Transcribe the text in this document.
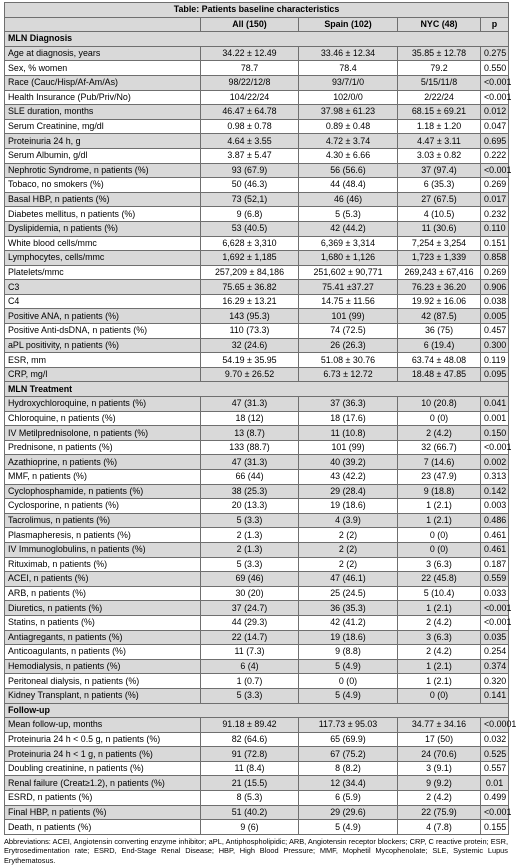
Table: Patients baseline characteristics				
	All (150)	Spain (102)	NYC (48)	p
MLN Diagnosis				
Age at diagnosis, years	34.22 ± 12.49	33.46 ± 12.34	35.85 ± 12.78	0.275
Sex, % women	78.7	78.4	79.2	0.550
Race (Cauc/Hisp/Af-Am/As)	98/22/12/8	93/7/1/0	5/15/11/8	<0.001
Health Insurance (Pub/Priv/No)	104/22/24	102/0/0	2/22/24	<0.001
SLE duration, months	46.47 ± 64.78	37.98 ± 61.23	68.15 ± 69.21	0.012
Serum Creatinine, mg/dl	0.98 ± 0.78	0.89 ± 0.48	1.18 ± 1.20	0.047
Proteinuria 24 h, g	4.64 ± 3.55	4.72 ± 3.74	4.47 ± 3.11	0.695
Serum Albumin, g/dl	3.87 ± 5.47	4.30 ± 6.66	3.03 ± 0.82	0.222
Nephrotic Syndrome, n patients (%)	93 (67.9)	56 (56.6)	37 (97.4)	<0.001
Tobaco, no smokers (%)	50 (46.3)	44 (48.4)	6 (35.3)	0.269
Basal HBP, n patients (%)	73 (52,1)	46 (46)	27 (67.5)	0.017
Diabetes mellitus, n patients (%)	9 (6.8)	5 (5.3)	4 (10.5)	0.232
Dyslipidemia, n patients (%)	53 (40.5)	42 (44.2)	11 (30.6)	0.110
White blood cells/mmc	6,628 ± 3,310	6,369 ± 3,314	7,254 ± 3,254	0.151
Lymphocytes, cells/mmc	1,692 ± 1,185	1,680 ± 1,126	1,723 ± 1,339	0.858
Platelets/mmc	257,209 ± 84,186	251,602 ± 90,771	269,243 ± 67,416	0.269
C3	75.65 ± 36.82	75.41 ±37.27	76.23 ± 36.20	0.906
C4	16.29 ± 13.21	14.75 ± 11.56	19.92 ± 16.06	0.038
Positive ANA, n patients (%)	143 (95.3)	101 (99)	42 (87.5)	0.005
Positive Anti-dsDNA, n patients (%)	110 (73.3)	74 (72.5)	36 (75)	0.457
aPL positivity, n patients (%)	32 (24.6)	26 (26.3)	6 (19.4)	0.300
ESR, mm	54.19 ± 35.95	51.08 ± 30.76	63.74 ± 48.08	0.119
CRP, mg/l	9.70 ± 26.52	6.73 ± 12.72	18.48 ± 47.85	0.095
MLN Treatment				
Hydroxychloroquine, n patients (%)	47 (31.3)	37 (36.3)	10 (20.8)	0.041
Chloroquine, n patients (%)	18 (12)	18 (17.6)	0 (0)	0.001
IV Metilprednisolone, n patients (%)	13 (8.7)	11 (10.8)	2 (4.2)	0.150
Prednisone, n patients (%)	133 (88.7)	101 (99)	32 (66.7)	<0.001
Azathioprine, n patients (%)	47 (31.3)	40 (39.2)	7 (14.6)	0.002
MMF, n patients (%)	66 (44)	43 (42.2)	23 (47.9)	0.313
Cyclophosphamide, n patients (%)	38 (25.3)	29 (28.4)	9 (18.8)	0.142
Cyclosporine, n patients (%)	20 (13.3)	19 (18.6)	1 (2.1)	0.003
Tacrolimus, n patients (%)	5 (3.3)	4 (3.9)	1 (2.1)	0.486
Plasmapheresis, n patients (%)	2 (1.3)	2 (2)	0 (0)	0.461
IV Immunoglobulins, n patients (%)	2 (1.3)	2 (2)	0 (0)	0.461
Rituximab, n patients (%)	5 (3.3)	2 (2)	3 (6.3)	0.187
ACEI, n patients (%)	69 (46)	47 (46.1)	22 (45.8)	0.559
ARB, n patients (%)	30 (20)	25 (24.5)	5 (10.4)	0.033
Diuretics, n patients (%)	37 (24.7)	36 (35.3)	1 (2.1)	<0.001
Statins, n patients (%)	44 (29.3)	42 (41.2)	2 (4.2)	<0.001
Antiagregants, n patients (%)	22 (14.7)	19 (18.6)	3 (6.3)	0.035
Anticoagulants, n patients (%)	11 (7.3)	9 (8.8)	2 (4.2)	0.254
Hemodialysis, n patients (%)	6 (4)	5 (4.9)	1 (2.1)	0.374
Peritoneal dialysis, n patients (%)	1 (0.7)	0 (0)	1 (2.1)	0.320
Kidney Transplant, n patients (%)	5 (3.3)	5 (4.9)	0 (0)	0.141
Follow-up				
Mean follow-up, months	91.18 ± 89.42	117.73 ± 95.03	34.77 ± 34.16	<0.0001
Proteinuria 24 h < 0.5 g, n patients (%)	82 (64.6)	65 (69.9)	17 (50)	0.032
Proteinuria 24 h < 1 g, n patients (%)	91 (72.8)	67 (75.2)	24 (70.6)	0.525
Doubling creatinine, n patients (%)	11 (8.4)	8 (8.2)	3 (9.1)	0.557
Renal failure (Creat≥1.2), n patients (%)	21 (15.5)	12 (34.4)	9 (9.2)	0.01
ESRD, n patients (%)	8 (5.3)	6 (5.9)	2 (4.2)	0.499
Final HBP, n patients (%)	51 (40.2)	29 (29.6)	22 (75.9)	<0.001
Death, n patients (%)	9 (6)	5 (4.9)	4 (7.8)	0.155
Abbreviations: ACEI, Angiotensin converting enzyme inhibitor; aPL, Antiphospholipidic; ARB, Angiotensin receptor blockers; CRP, C reactive protein; ESR, Erytrosedimentation rate; ESRD, End-Stage Renal Disease; HBP, High Blood Pressure; MMF, Mophetil Mycophenolate; SLE, Systemic Lupus Erythematosus.
